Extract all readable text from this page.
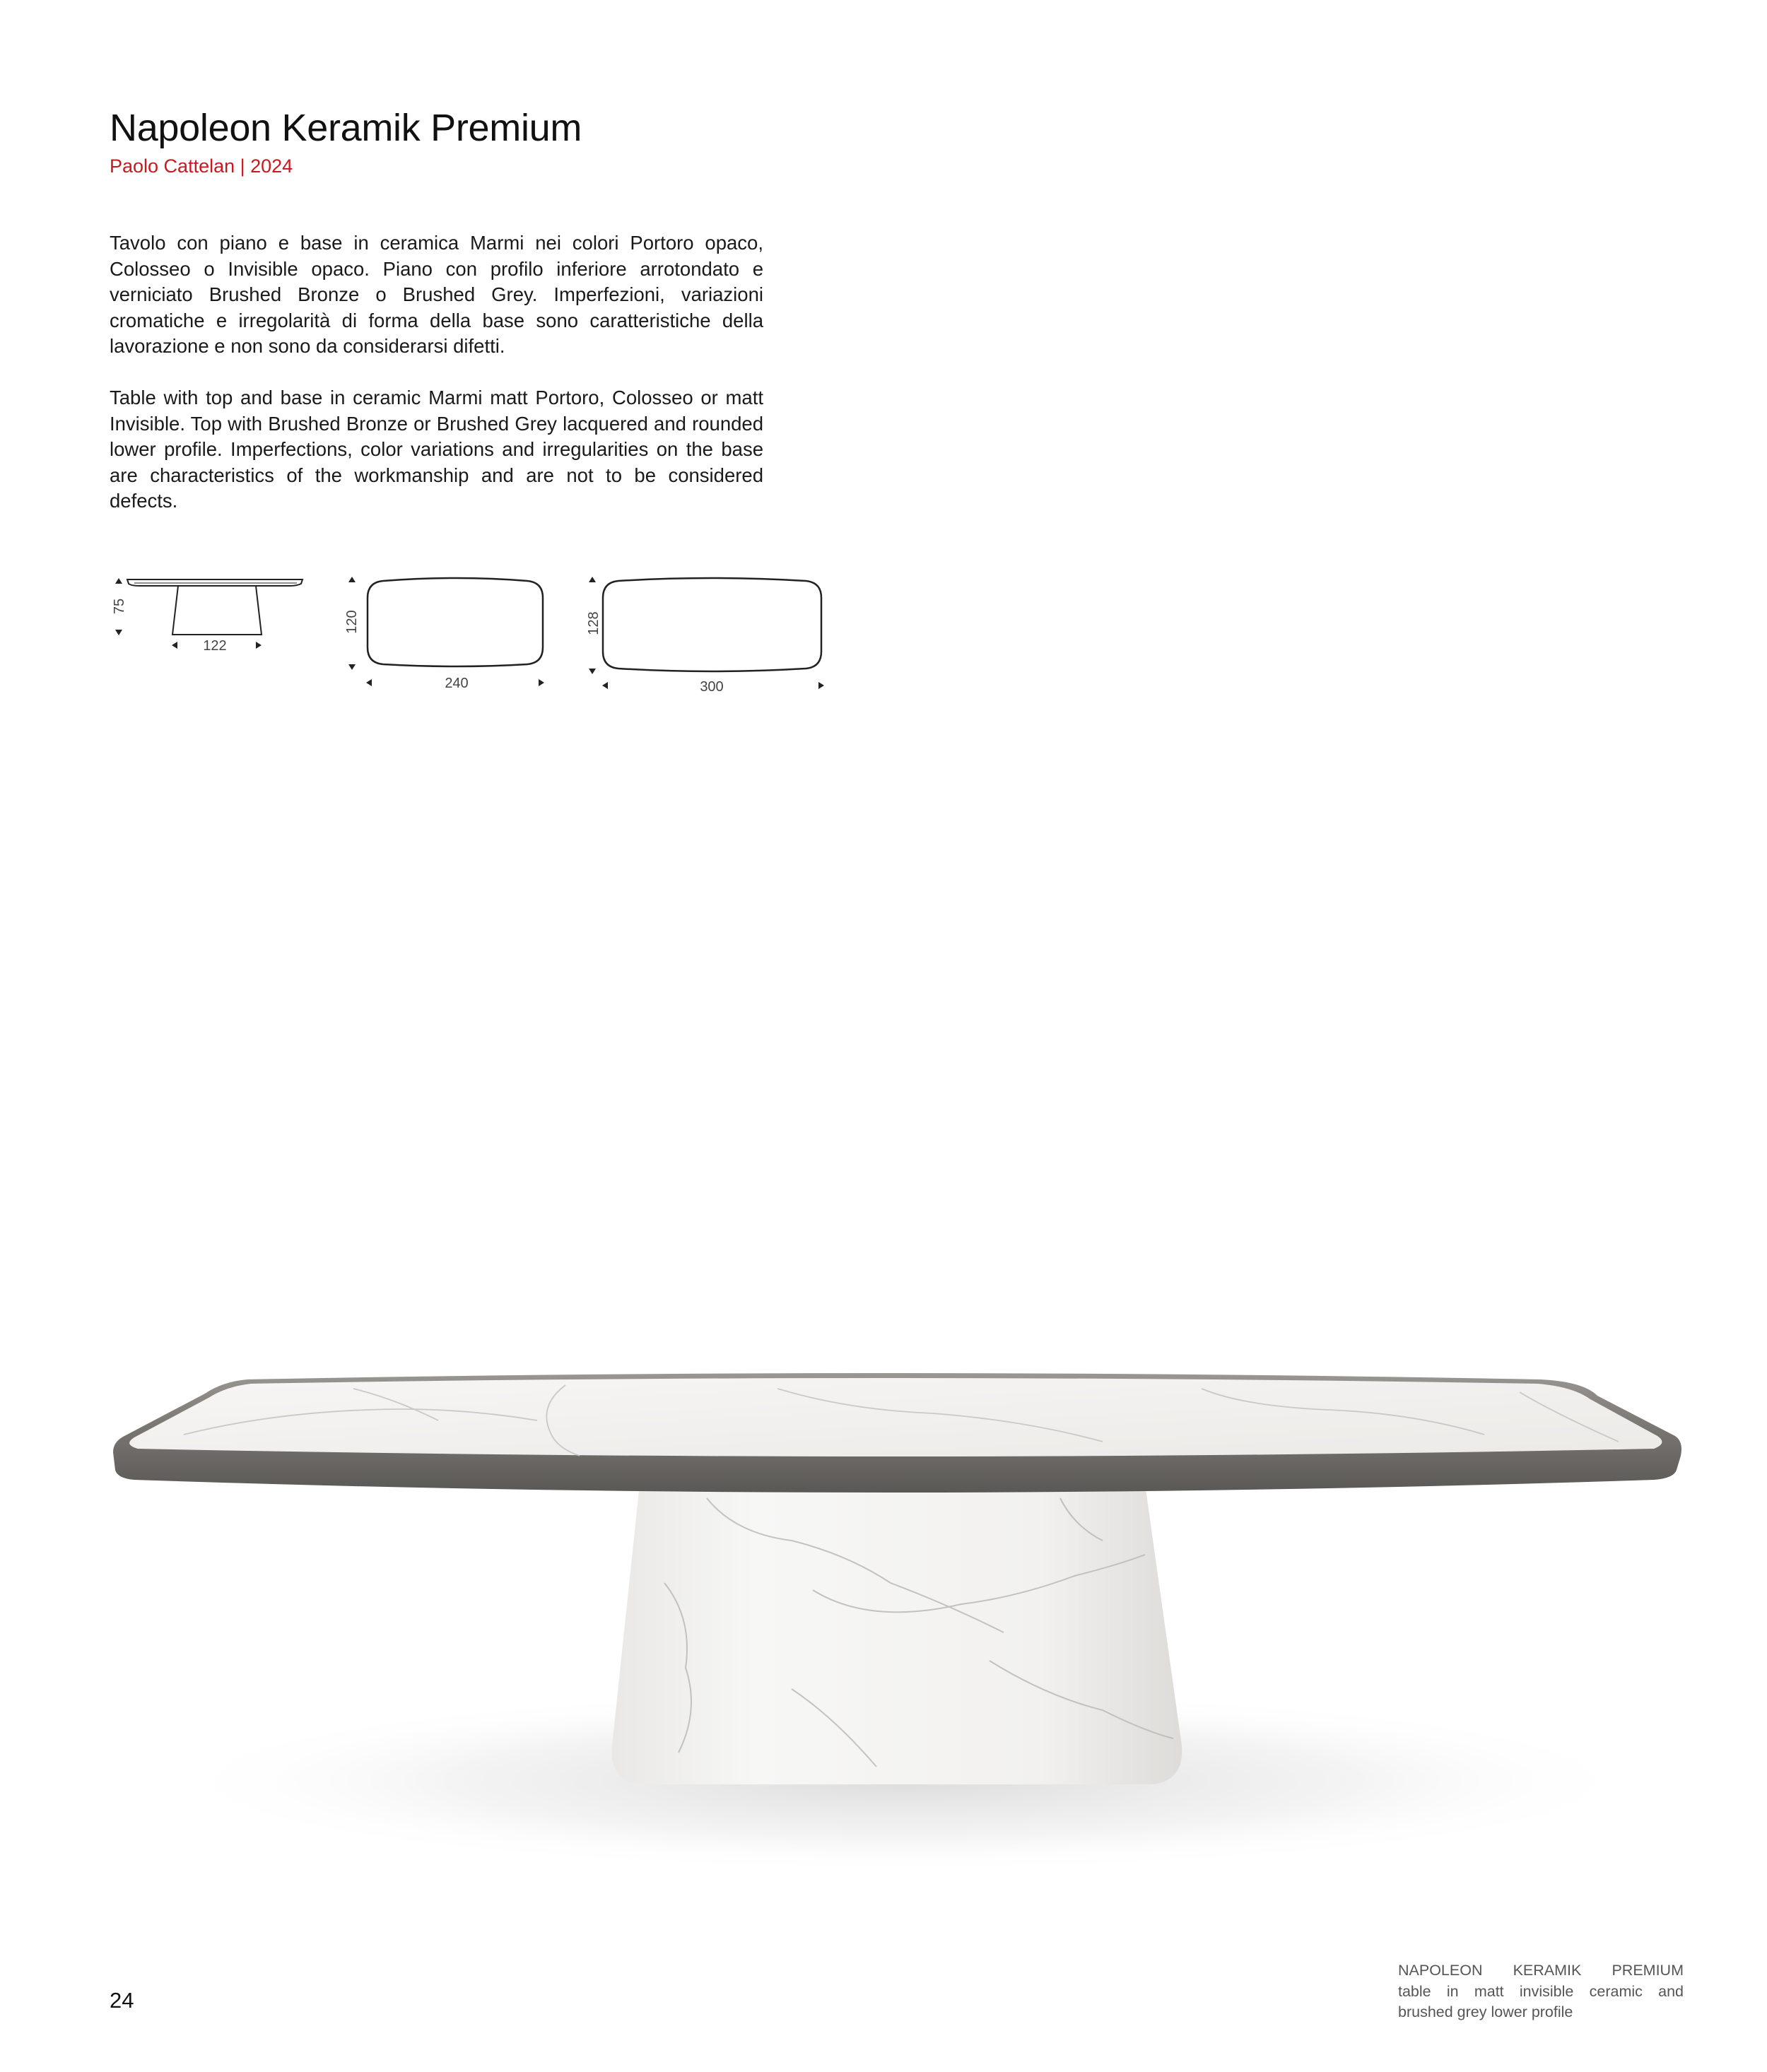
Napoleon Keramik Premium
Paolo Cattelan | 2024

Tavolo con piano e base in ceramica Marmi nei colori Portoro opaco, Colosseo o Invisible opaco. Piano con profilo inferiore arrotondato e verniciato Brushed Bronze o Brushed Grey. Imperfezioni, variazioni cromatiche e irregolarità di forma della base sono caratteristiche della lavorazione e non sono da considerarsi difetti.

Table with top and base in ceramic Marmi matt Portoro, Colosseo or matt Invisible. Top with Brushed Bronze or Brushed Grey lacquered and rounded lower profile. Imperfections, color variations and irregularities on the base are characteristics of the workmanship and are not to be considered defects.

75
122
120
240
128
300
24
NAPOLEON KERAMIK PREMIUM
table in matt invisible ceramic and
brushed grey lower profile
